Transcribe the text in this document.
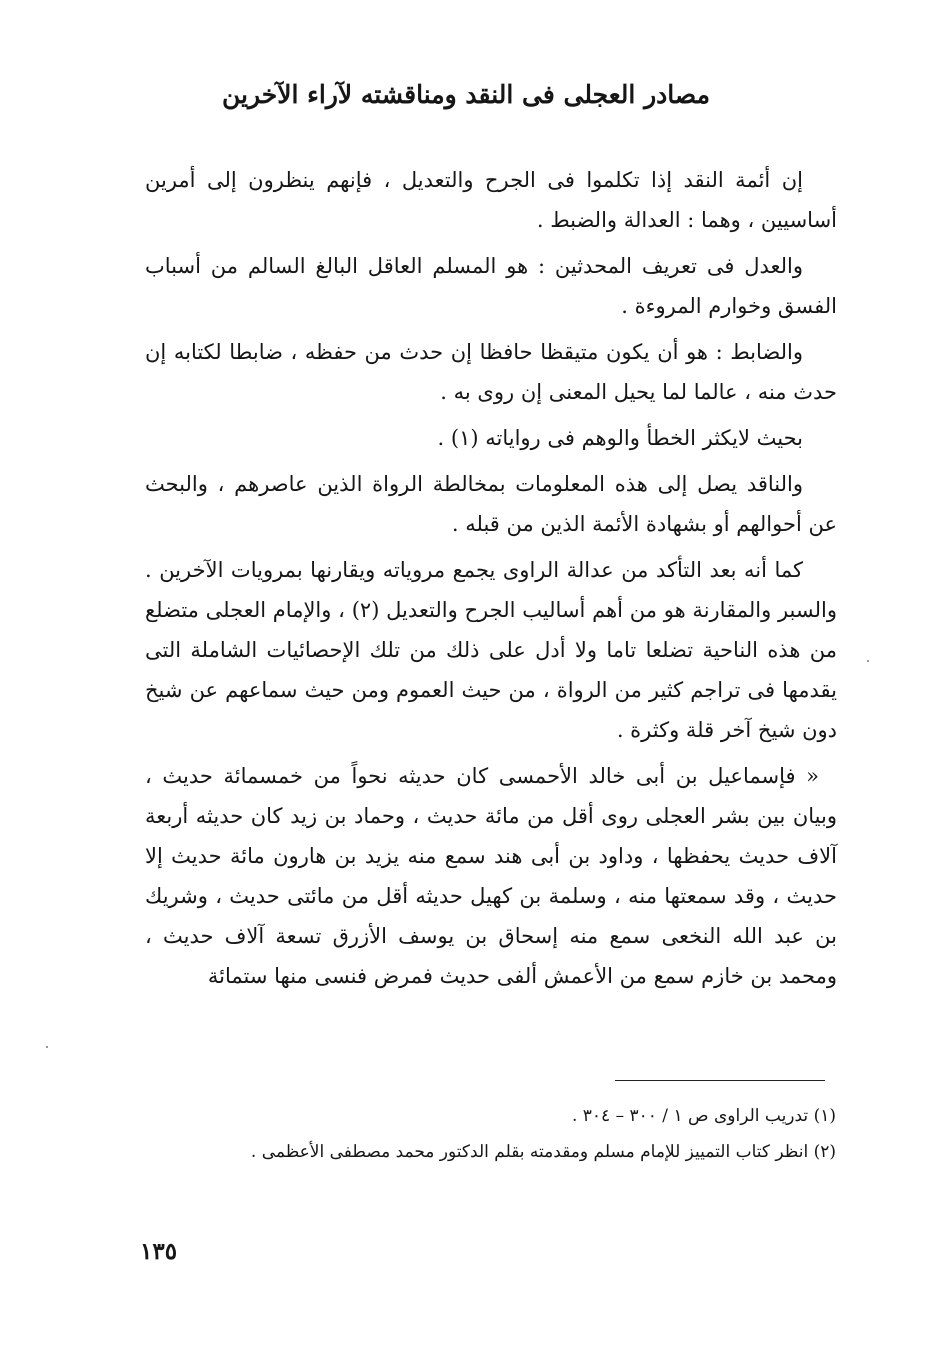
مصادر العجلى فى النقد ومناقشته لآراء الآخرين

إن أئمة النقد إذا تكلموا فى الجرح والتعديل ، فإنهم ينظرون إلى أمرين أساسيين ، وهما : العدالة والضبط .

والعدل فى تعريف المحدثين : هو المسلم العاقل البالغ السالم من أسباب الفسق وخوارم المروءة .

والضابط : هو أن يكون متيقظا حافظا إن حدث من حفظه ، ضابطا لكتابه إن حدث منه ، عالما لما يحيل المعنى إن روى به .

بحيث لايكثر الخطأ والوهم فى رواياته (١) .

والناقد يصل إلى هذه المعلومات بمخالطة الرواة الذين عاصرهم ، والبحث عن أحوالهم أو بشهادة الأئمة الذين من قبله .

كما أنه بعد التأكد من عدالة الراوى يجمع مروياته ويقارنها بمرويات الآخرين . والسبر والمقارنة هو من أهم أساليب الجرح والتعديل (٢) ، والإمام العجلى متضلع من هذه الناحية تضلعا تاما ولا أدل على ذلك من تلك الإحصائيات الشاملة التى يقدمها فى تراجم كثير من الرواة ، من حيث العموم ومن حيث سماعهم عن شيخ دون شيخ آخر قلة وكثرة .

« فإسماعيل بن أبى خالد الأحمسى كان حديثه نحواً من خمسمائة حديث ، وبيان بين بشر العجلى روى أقل من مائة حديث ، وحماد بن زيد كان حديثه أربعة آلاف حديث يحفظها ، وداود بن أبى هند سمع منه يزيد بن هارون مائة حديث إلا حديث ، وقد سمعتها منه ، وسلمة بن كهيل حديثه أقل من مائتى حديث ، وشريك بن عبد الله النخعى سمع منه إسحاق بن يوسف الأزرق تسعة آلاف حديث ، ومحمد بن خازم سمع من الأعمش ألفى حديث فمرض فنسى منها ستمائة

(١) تدريب الراوى ص ١ / ٣٠٠ – ٣٠٤ .

(٢) انظر كتاب التمييز للإمام مسلم ومقدمته بقلم الدكتور محمد مصطفى الأعظمى .

١٣٥
